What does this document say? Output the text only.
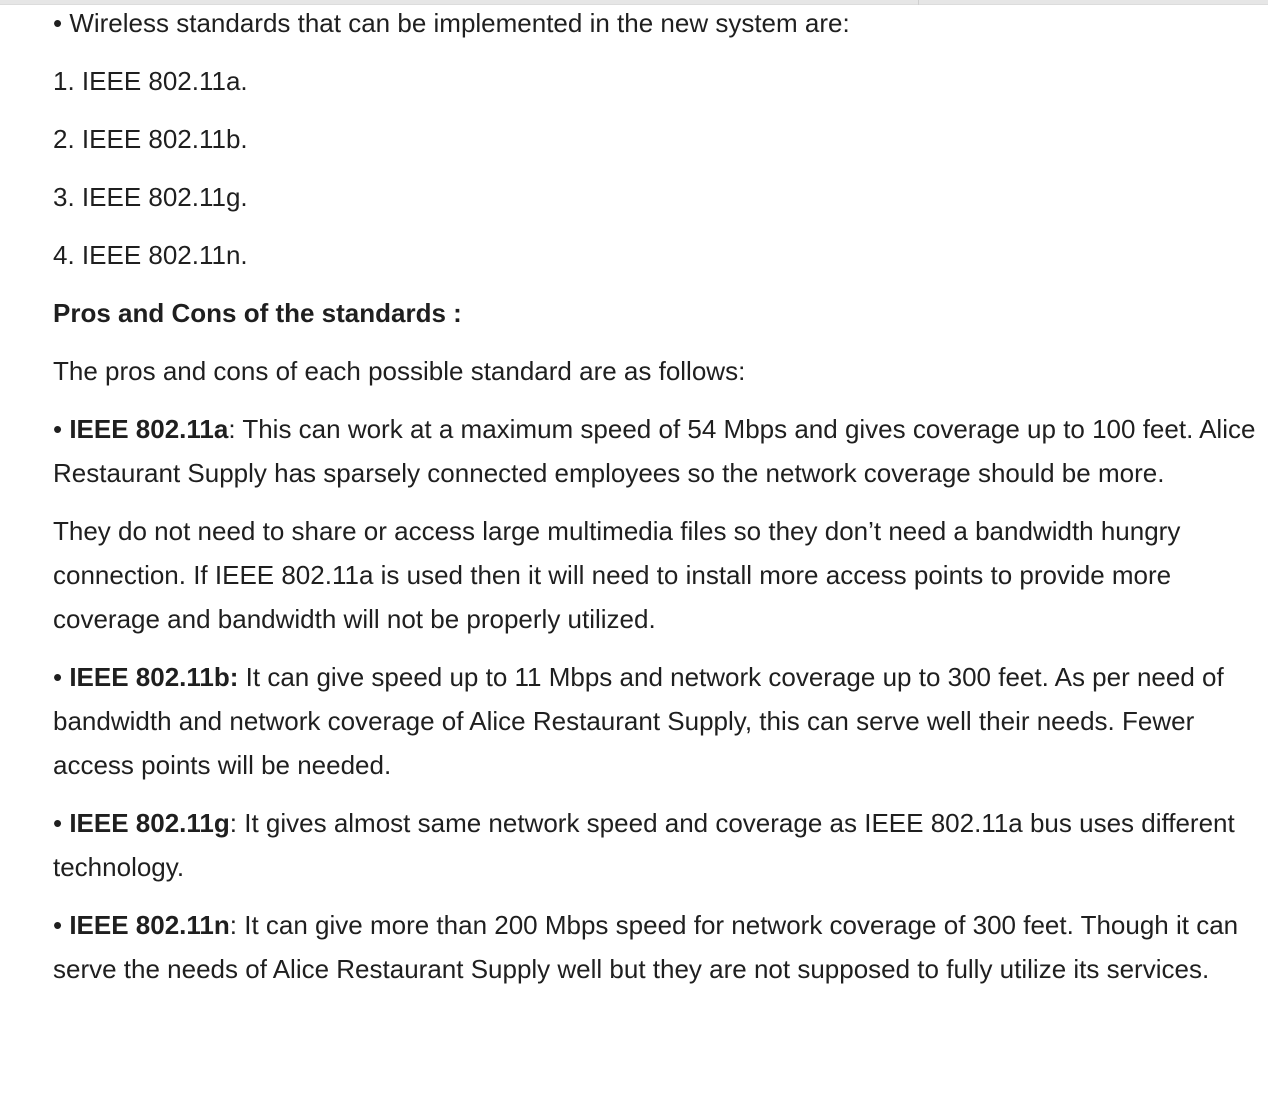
• Wireless standards that can be implemented in the new system are:

1. IEEE 802.11a.

2. IEEE 802.11b.

3. IEEE 802.11g.

4. IEEE 802.11n.

Pros and Cons of the standards :

The pros and cons of each possible standard are as follows:

• IEEE 802.11a: This can work at a maximum speed of 54 Mbps and gives coverage up to 100 feet. Alice Restaurant Supply has sparsely connected employees so the network coverage should be more.

They do not need to share or access large multimedia files so they don’t need a bandwidth hungry connection. If IEEE 802.11a is used then it will need to install more access points to provide more coverage and bandwidth will not be properly utilized.

• IEEE 802.11b: It can give speed up to 11 Mbps and network coverage up to 300 feet. As per need of bandwidth and network coverage of Alice Restaurant Supply, this can serve well their needs. Fewer access points will be needed.

• IEEE 802.11g: It gives almost same network speed and coverage as IEEE 802.11a bus uses different technology.

• IEEE 802.11n: It can give more than 200 Mbps speed for network coverage of 300 feet. Though it can serve the needs of Alice Restaurant Supply well but they are not supposed to fully utilize its services.
